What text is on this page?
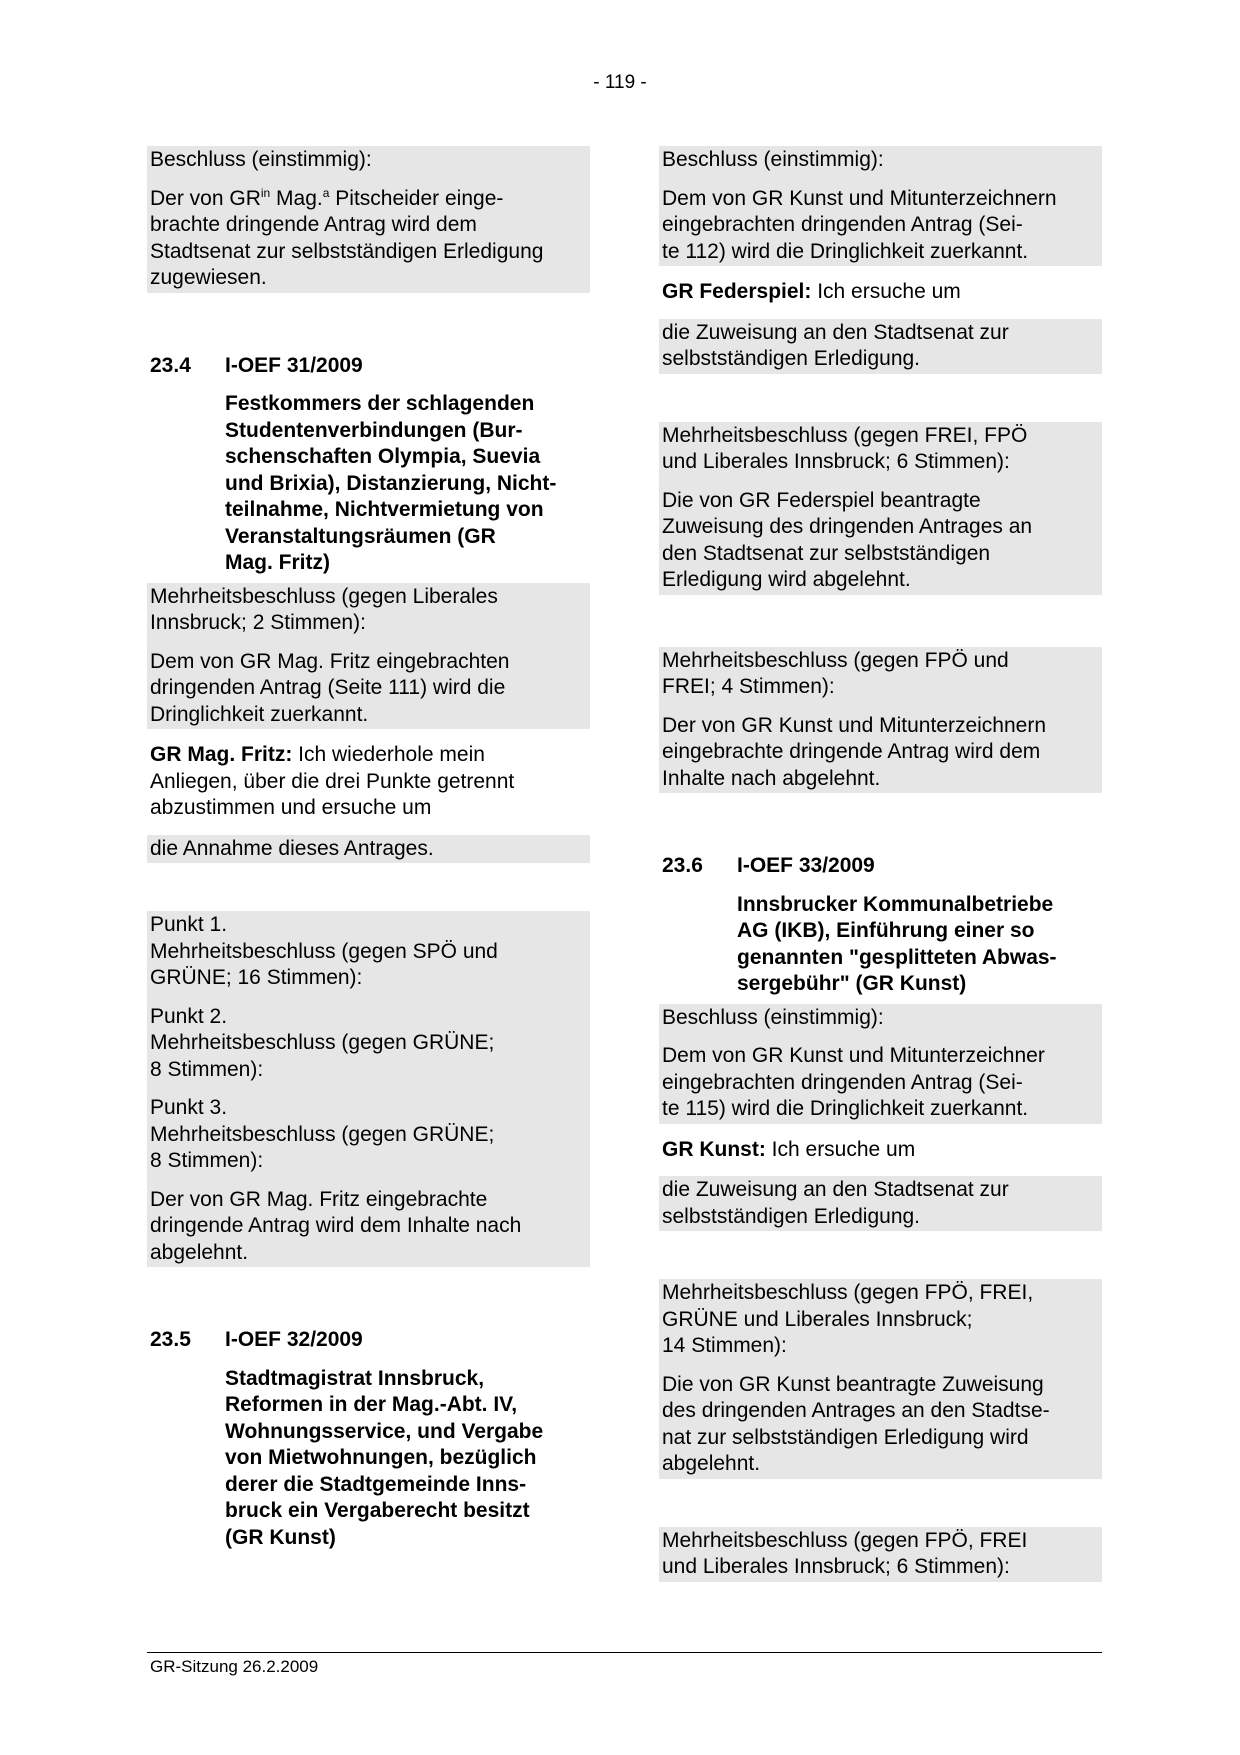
- 119 -
Beschluss (einstimmig):
Der von $GR^{in}$ Mag.$^a$ Pitscheider einge-
brachte dringende Antrag wird dem
Stadtsenat zur selbstständigen Erledigung
zugewiesen.
23.4	I-OEF 31/2009
Festkommers der schlagenden
Studentenverbindungen (Bur-
schenschaften Olympia, Suevia
und Brixia), Distanzierung, Nicht-
teilnahme, Nichtvermietung von
Veranstaltungsräumen (GR
Mag. Fritz)
Mehrheitsbeschluss (gegen Liberales
Innsbruck; 2 Stimmen):
Dem von GR Mag. Fritz eingebrachten
dringenden Antrag (Seite 111) wird die
Dringlichkeit zuerkannt.
GR Mag. Fritz: Ich wiederhole mein
Anliegen, über die drei Punkte getrennt
abzustimmen und ersuche um
die Annahme dieses Antrages.
Punkt 1.
Mehrheitsbeschluss (gegen SPÖ und
GRÜNE; 16 Stimmen):
Punkt 2.
Mehrheitsbeschluss (gegen GRÜNE;
8 Stimmen):
Punkt 3.
Mehrheitsbeschluss (gegen GRÜNE;
8 Stimmen):
Der von GR Mag. Fritz eingebrachte
dringende Antrag wird dem Inhalte nach
abgelehnt.
23.5	I-OEF 32/2009
Stadtmagistrat Innsbruck,
Reformen in der Mag.-Abt. IV,
Wohnungsservice, und Vergabe
von Mietwohnungen, bezüglich
derer die Stadtgemeinde Inns-
bruck ein Vergaberecht besitzt
(GR Kunst)
Beschluss (einstimmig):
Dem von GR Kunst und Mitunterzeichnern
eingebrachten dringenden Antrag (Sei-
te 112) wird die Dringlichkeit zuerkannt.
GR Federspiel: Ich ersuche um
die Zuweisung an den Stadtsenat zur
selbstständigen Erledigung.
Mehrheitsbeschluss (gegen FREI, FPÖ
und Liberales Innsbruck; 6 Stimmen):
Die von GR Federspiel beantragte
Zuweisung des dringenden Antrages an
den Stadtsenat zur selbstständigen
Erledigung wird abgelehnt.
Mehrheitsbeschluss (gegen FPÖ und
FREI; 4 Stimmen):
Der von GR Kunst und Mitunterzeichnern
eingebrachte dringende Antrag wird dem
Inhalte nach abgelehnt.
23.6	I-OEF 33/2009
Innsbrucker Kommunalbetriebe
AG (IKB), Einführung einer so
genannten "gesplitteten Abwas-
sergebühr" (GR Kunst)
Beschluss (einstimmig):
Dem von GR Kunst und Mitunterzeichner
eingebrachten dringenden Antrag (Sei-
te 115) wird die Dringlichkeit zuerkannt.
GR Kunst: Ich ersuche um
die Zuweisung an den Stadtsenat zur
selbstständigen Erledigung.
Mehrheitsbeschluss (gegen FPÖ, FREI,
GRÜNE und Liberales Innsbruck;
14 Stimmen):
Die von GR Kunst beantragte Zuweisung
des dringenden Antrages an den Stadtse-
nat zur selbstständigen Erledigung wird
abgelehnt.
Mehrheitsbeschluss (gegen FPÖ, FREI
und Liberales Innsbruck; 6 Stimmen):
GR-Sitzung 26.2.2009
